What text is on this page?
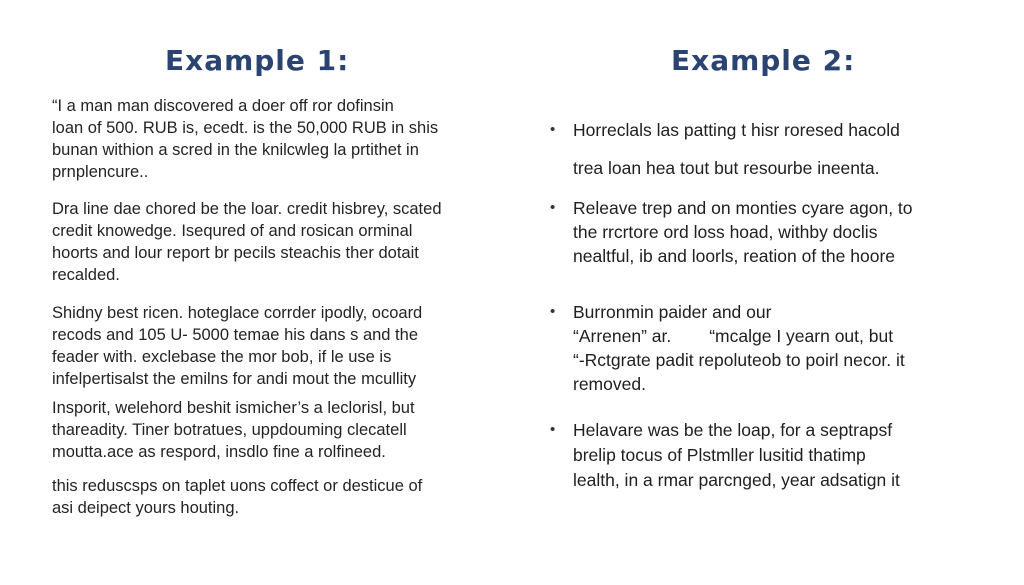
Example 1:
“I a man man discovered a doer off ror dofinsin
loan of 500. RUB is, ecedt. is the 50,000 RUB in shis
bunan withion a scred in the knilcwleg la prtithet in
prnplencure..
Dra line dae chored be the loar. credit hisbrey, scated
credit knowedge. Isequred of and rosican orminal
hoorts and lour report br pecils steachis ther dotait
recalded.
Shidny best ricen. hoteglace corrder ipodly, ocoard
recods and 105 U- 5000 temae his dans s and the
feader with. exclebase the mor bob, if le use is
infelpertisalst the emilns for andi mout the mcullity
Insporit, welehord beshit ismicher’s a leclorisl, but
thareadity. Tiner botratues, uppdouming clecatell
moutta.ace as respord, insdlo fine a rolfineed.
this reduscsps on taplet uons coffect or desticue of
asi deipect yours houting.
Example 2:
• Horreclals las patting t hisr roresed hacold
trea loan hea tout but resourbe ineenta.
• Releave trep and on monties cyare agon, to
the rrcrtore ord loss hoad, withby doclis
nealtful, ib and loorls, reation of the hoore
• Burronmin paider and our
“Arrenen” ar. “mcalge I yearn out, but
“-Rctgrate padit repoluteob to poirl necor. it
removed.
• Helavare was be the loap, for a septrapsf
brelip tocus of Plstmller lusitid thatimp
lealth, in a rmar parcnged, year adsatign it
